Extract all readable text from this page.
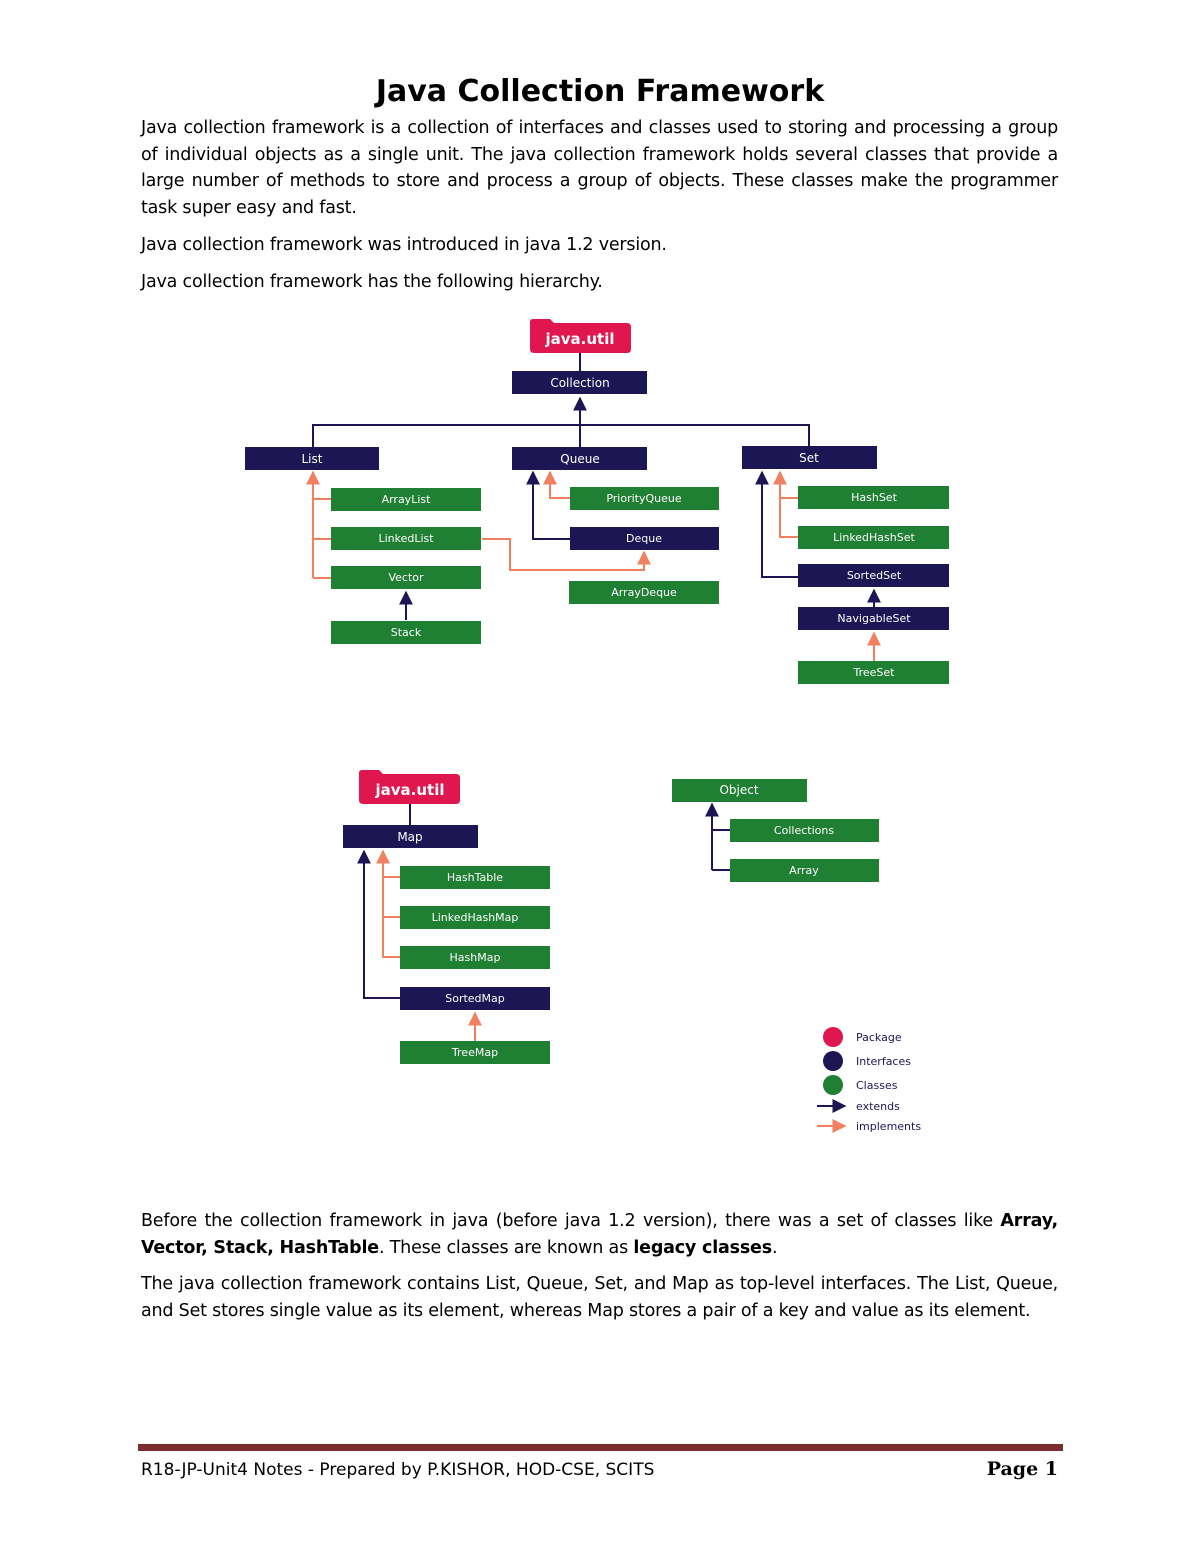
Java Collection Framework
Java collection framework is a collection of interfaces and classes used to storing and processing a group of individual objects as a single unit. The java collection framework holds several classes that provide a large number of methods to store and process a group of objects. These classes make the programmer task super easy and fast.
Java collection framework was introduced in java 1.2 version.
Java collection framework has the following hierarchy.
java.util
Collection
List	Queue	Set
ArrayList
LinkedList
Vector
Stack
PriorityQueue
Deque
ArrayDeque
HashSet
LinkedHashSet
SortedSet
NavigableSet
TreeSet
java.util
Map
HashTable
LinkedHashMap
HashMap
SortedMap
TreeMap
Object
Collections
Array
Package
Interfaces
Classes
extends
implements
Before the collection framework in java (before java 1.2 version), there was a set of classes like Array, Vector, Stack, HashTable. These classes are known as legacy classes.
The java collection framework contains List, Queue, Set, and Map as top-level interfaces. The List, Queue, and Set stores single value as its element, whereas Map stores a pair of a key and value as its element.
R18-JP-Unit4 Notes - Prepared by P.KISHOR, HOD-CSE, SCITS	Page 1
